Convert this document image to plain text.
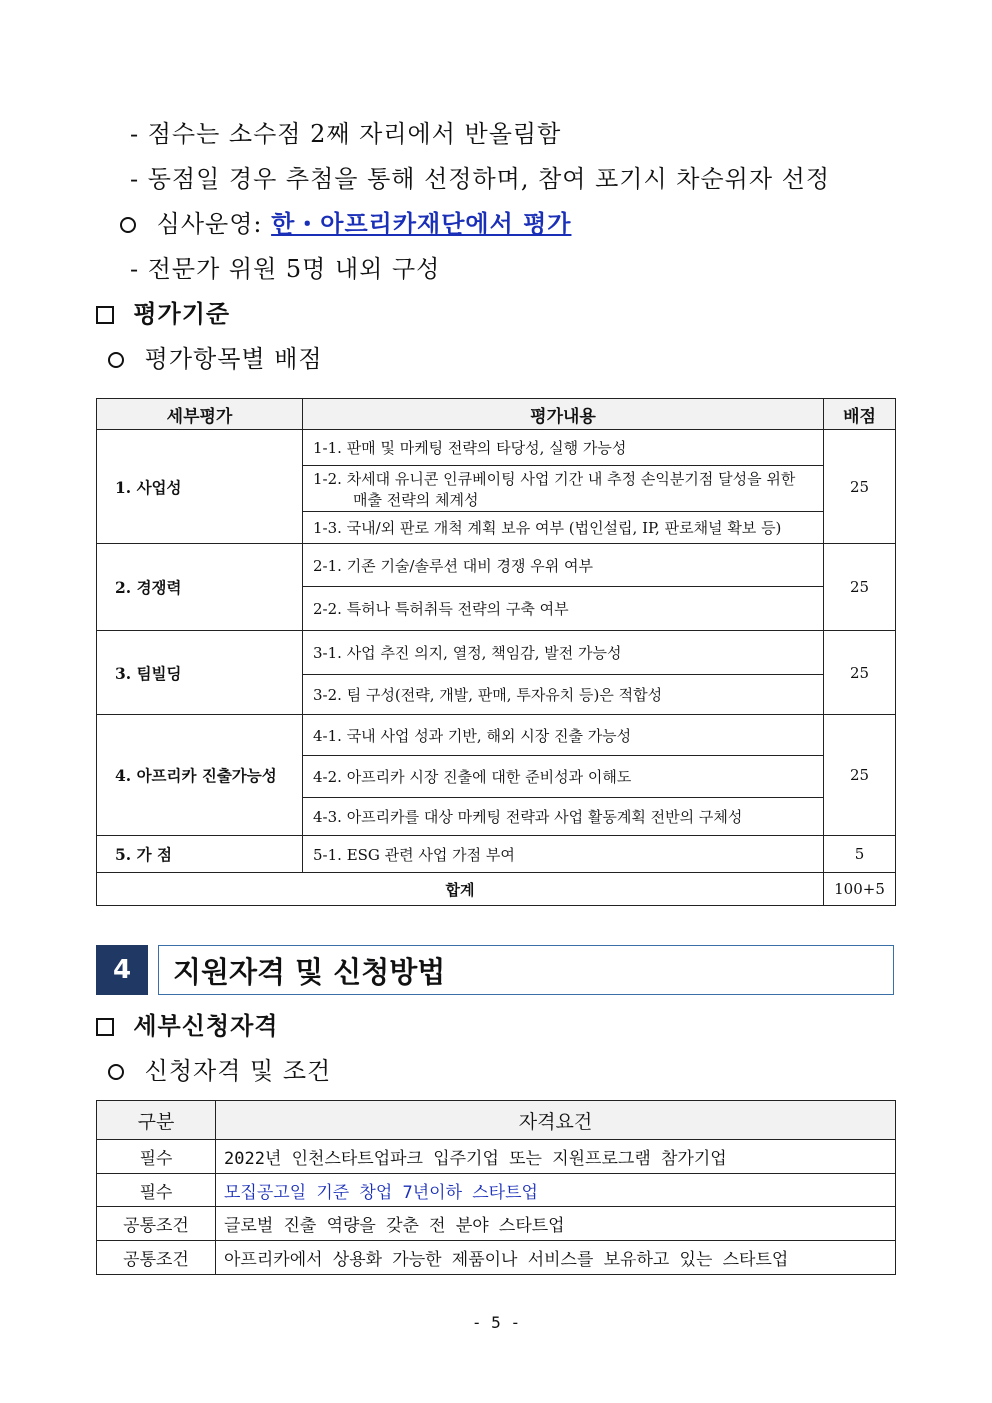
- 점수는 소수점 2째 자리에서 반올림함
- 동점일 경우 추첨을 통해 선정하며, 참여 포기시 차순위자 선정
심사운영: 한・아프리카재단에서 평가
- 전문가 위원 5명 내외 구성
평가기준
평가항목별 배점
세부평가	평가내용	배점
1. 사업성	1-1. 판매 및 마케팅 전략의 타당성, 실행 가능성
1-2. 차세대 유니콘 인큐베이팅 사업 기간 내 추정 손익분기점 달성을 위한
매출 전략의 체계성
1-3. 국내/외 판로 개척 계획 보유 여부 (법인설립, IP, 판로채널 확보 등)	25
2. 경쟁력	2-1. 기존 기술/솔루션 대비 경쟁 우위 여부
2-2. 특허나 특허취득 전략의 구축 여부	25
3. 팀빌딩	3-1. 사업 추진 의지, 열정, 책임감, 발전 가능성
3-2. 팀 구성(전략, 개발, 판매, 투자유치 등)은 적합성	25
4. 아프리카 진출가능성	4-1. 국내 사업 성과 기반, 해외 시장 진출 가능성
4-2. 아프리카 시장 진출에 대한 준비성과 이해도
4-3. 아프리카를 대상 마케팅 전략과 사업 활동계획 전반의 구체성	25
5. 가 점	5-1. ESG 관련 사업 가점 부여	5
합계		100+5
4	지원자격 및 신청방법
세부신청자격
신청자격 및 조건
구분	자격요건
필수	2022년 인천스타트업파크 입주기업 또는 지원프로그램 참가기업
필수	모집공고일 기준 창업 7년이하 스타트업
공통조건	글로벌 진출 역량을 갖춘 전 분야 스타트업
공통조건	아프리카에서 상용화 가능한 제품이나 서비스를 보유하고 있는 스타트업
- 5 -
